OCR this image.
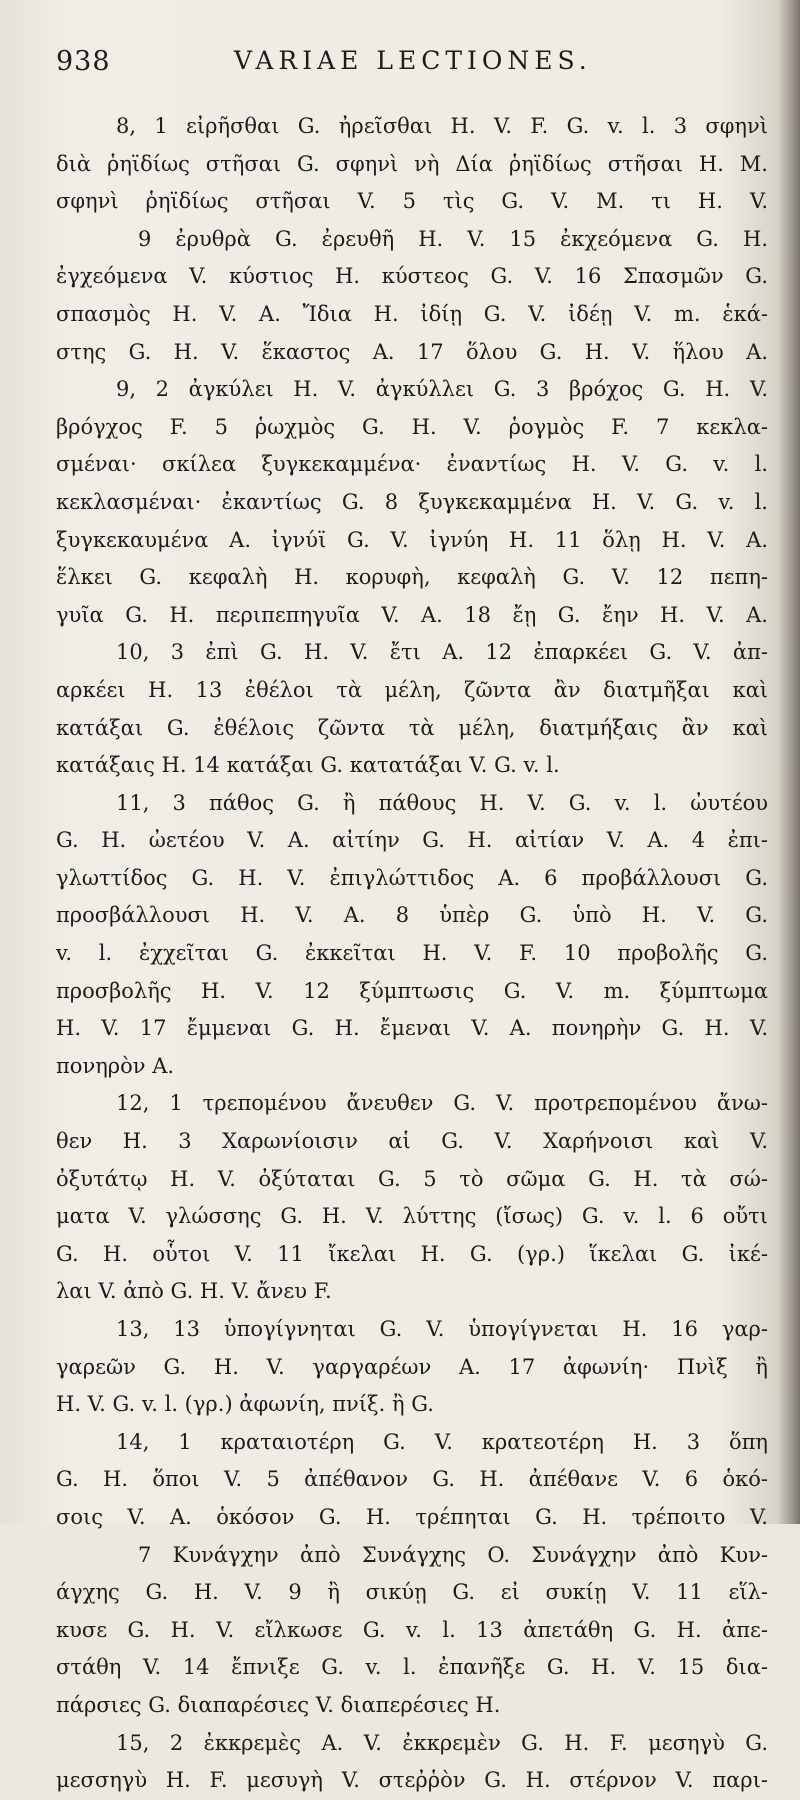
938	VARIAE LECTIONES.
8, 1 εἰρῆσθαι G. ἠρεῖσθαι H. V. F. G. v. l. 3 σφηνὶ
διὰ ῥηϊδίως στῆσαι G. σφηνὶ νὴ Δία ῥηϊδίως στῆσαι H. M.
σφηνὶ ῥηϊδίως στῆσαι V. 5 τὶς G. V. M. τι H. V.
9 ἐρυθρὰ G. ἐρευθῆ H. V. 15 ἐκχεόμενα G. H.
ἐγχεόμενα V. κύστιος H. κύστεος G. V. 16 Σπασμῶν G.
σπασμὸς H. V. A. Ἴδια H. ἰδίῃ G. V. ἰδέῃ V. m. ἑκά-
στης G. H. V. ἕκαστος A. 17 ὅλου G. H. V. ἥλου A.
9, 2 ἀγκύλει H. V. ἀγκύλλει G. 3 βρόχος G. H. V.
βρόγχος F. 5 ῥωχμὸς G. H. V. ῥογμὸς F. 7 κεκλα-
σμέναι· σκίλεα ξυγκεκαμμένα· ἐναντίως H. V. G. v. l.
κεκλασμέναι· ἐκαντίως G. 8 ξυγκεκαμμένα H. V. G. v. l.
ξυγκεκαυμένα A. ἰγνύϊ G. V. ἰγνύη H. 11 ὅλῃ H. V. A.
ἕλκει G. κεφαλὴ H. κορυφὴ, κεφαλὴ G. V. 12 πεπη-
γυῖα G. H. περιπεπηγυῖα V. A. 18 ἔῃ G. ἔην H. V. A.
10, 3 ἐπὶ G. H. V. ἔτι A. 12 ἐπαρκέει G. V. ἀπ-
αρκέει H. 13 ἐθέλοι τὰ μέλη, ζῶντα ἂν διατμῆξαι καὶ
κατάξαι G. ἐθέλοις ζῶντα τὰ μέλη, διατμήξαις ἂν καὶ
κατάξαις H. 14 κατάξαι G. κατατάξαι V. G. v. l.
11, 3 πάθος G. ἢ πάθους H. V. G. v. l. ὠυτέου
G. H. ὠετέου V. A. αἰτίην G. H. αἰτίαν V. A. 4 ἐπι-
γλωττίδος G. H. V. ἐπιγλώττιδος A. 6 προβάλλουσι G.
προσβάλλουσι H. V. A. 8 ὑπὲρ G. ὑπὸ H. V. G.
v. l. ἐχχεῖται G. ἐκκεῖται H. V. F. 10 προβολῆς G.
προσβολῆς H. V. 12 ξύμπτωσις G. V. m. ξύμπτωμα
H. V. 17 ἔμμεναι G. H. ἔμεναι V. A. πονηρὴν G. H. V.
πονηρὸν A.
12, 1 τρεπομένου ἄνευθεν G. V. προτρεπομένου ἄνω-
θεν H. 3 Χαρωνίοισιν αἱ G. V. Χαρήνοισι καὶ V.
ὀξυτάτῳ H. V. ὀξύταται G. 5 τὸ σῶμα G. H. τὰ σώ-
ματα V. γλώσσης G. H. V. λύττης (ἴσως) G. v. l. 6 οὔτι
G. H. οὗτοι V. 11 ἴκελαι H. G. (γρ.) ἵκελαι G. ἰκέ-
λαι V. ἀπὸ G. H. V. ἄνευ F.
13, 13 ὑπογίγνηται G. V. ὑπογίγνεται H. 16 γαρ-
γαρεῶν G. H. V. γαργαρέων A. 17 ἀφωνίη· Πνὶξ ἢ
H. V. G. v. l. (γρ.) ἀφωνίη, πνίξ. ἢ G.
14, 1 κραταιοτέρη G. V. κρατεοτέρη H. 3 ὅπη
G. H. ὅποι V. 5 ἀπέθανον G. H. ἀπέθανε V. 6 ὁκό-
σοις V. A. ὁκόσον G. H. τρέπηται G. H. τρέποιτο V.
7 Κυνάγχην ἀπὸ Συνάγχης O. Συνάγχην ἀπὸ Κυν-
άγχης G. H. V. 9 ἢ σικύῃ G. εἰ συκίῃ V. 11 εἵλ-
κυσε G. H. V. εἴλκωσε G. v. l. 13 ἀπετάθη G. H. ἀπε-
στάθη V. 14 ἔπνιξε G. v. l. ἐπανῆξε G. H. V. 15 δια-
πάρσιες G. διαπαρέσιες V. διαπερέσιες H.
15, 2 ἐκκρεμὲς A. V. ἐκκρεμὲν G. H. F. μεσηγὺ G.
μεσσηγὺ H. F. μεσυγὴ V. στεῤῥὸν G. H. στέρνον V. παρι-
